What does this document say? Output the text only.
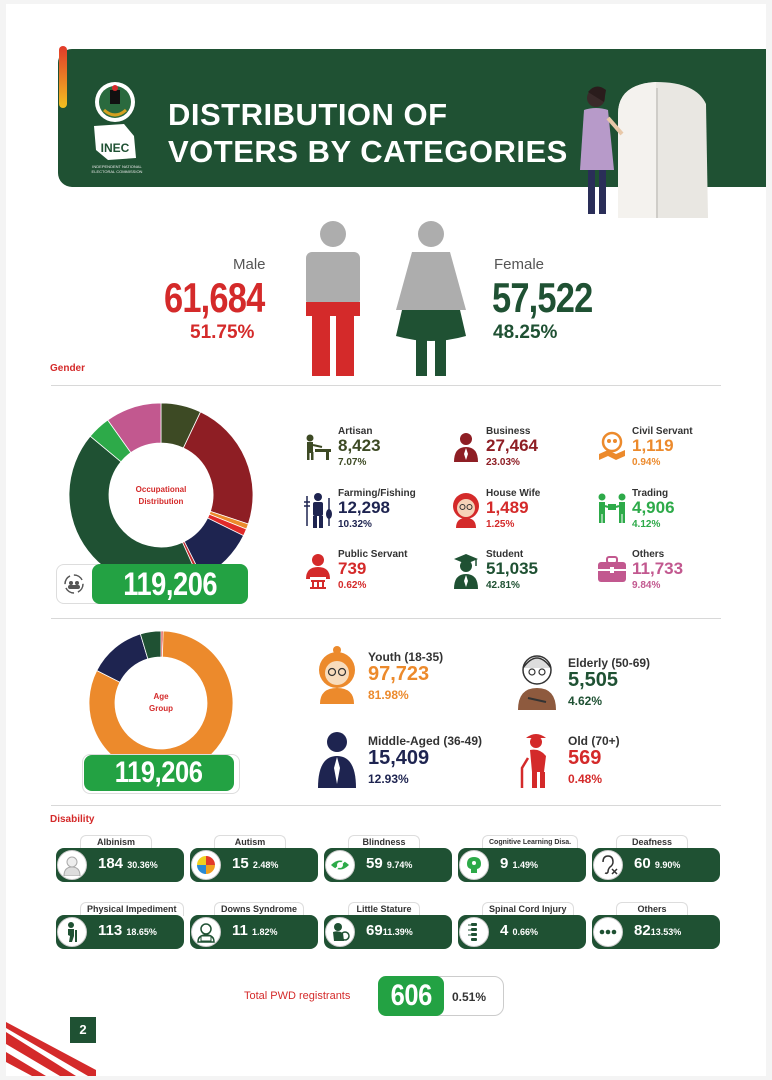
INEC
INDEPENDENT NATIONAL ELECTORAL COMMISSION
DISTRIBUTION OF
VOTERS BY CATEGORIES
Male
61,684
51.75%
Female
57,522
48.25%
Gender
Occupational
Distribution
119,206
Artisan
8,423
7.07%
Business
27,464
23.03%
Civil Servant
1,119
0.94%
Farming/Fishing
12,298
10.32%
House Wife
1,489
1.25%
Trading
4,906
4.12%
Public Servant
739
0.62%
Student
51,035
42.81%
Others
11,733
9.84%
Age
Group
119,206
Youth (18-35)
97,723
81.98%
Elderly (50-69)
5,505
4.62%
Middle-Aged (36-49)
15,409
12.93%
Old (70+)
569
0.48%
Disability
Albinism
184 30.36%
Autism
15 2.48%
Blindness
59 9.74%
Cognitive Learning Disa.
9 1.49%
Deafness
60 9.90%
Physical Impediment
113 18.65%
Downs Syndrome
11 1.82%
Little Stature
6911.39%
Spinal Cord Injury
4 0.66%
Others
8213.53%
Total PWD registrants 606 0.51%
2
